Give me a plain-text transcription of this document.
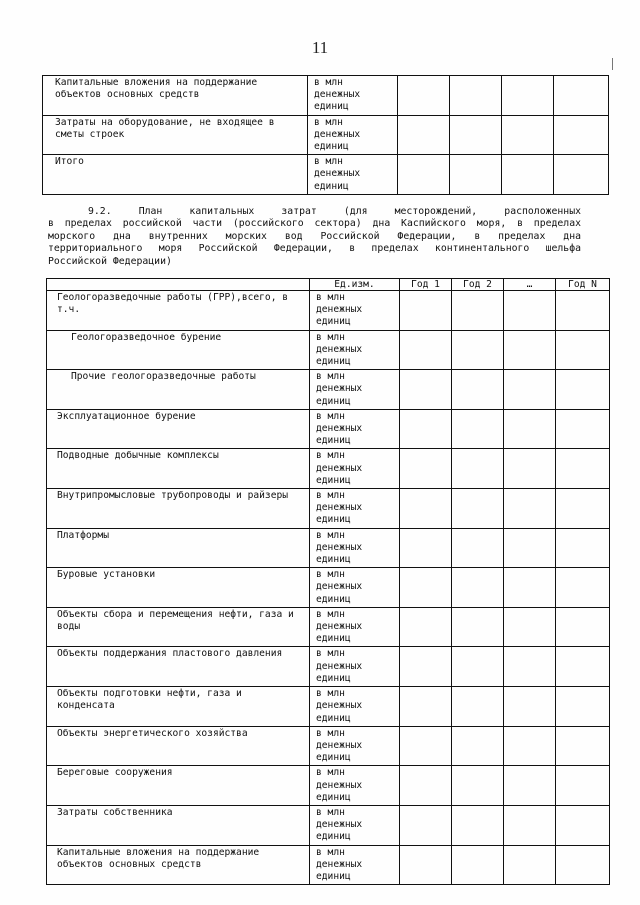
11
Капитальные вложения на поддержание объектов основных средств	в млн денежных единиц				
Затраты на оборудование, не входящее в сметы строек	в млн денежных единиц				
Итого	в млн денежных единиц				
9.2. План капитальных затрат (для месторождений, расположенных
в пределах российской части (российского сектора) дна Каспийского моря, в пределах
морского дна внутренних морских вод Российской Федерации, в пределах дна
территориального моря Российской Федерации, в пределах континентального шельфа
Российской Федерации)
	Ед.изм.	Год 1	Год 2	…	Год N
Геологоразведочные работы (ГРР),всего, в т.ч.	в млн денежных единиц				
Геологоразведочное бурение	в млн денежных единиц				
Прочие геологоразведочные работы	в млн денежных единиц				
Эксплуатационное бурение	в млн денежных единиц				
Подводные добычные комплексы	в млн денежных единиц				
Внутрипромысловые трубопроводы и райзеры	в млн денежных единиц				
Платформы	в млн денежных единиц				
Буровые установки	в млн денежных единиц				
Объекты сбора и перемещения нефти, газа и воды	в млн денежных единиц				
Объекты поддержания пластового давления	в млн денежных единиц				
Объекты подготовки нефти, газа и конденсата	в млн денежных единиц				
Объекты энергетического хозяйства	в млн денежных единиц				
Береговые сооружения	в млн денежных единиц				
Затраты собственника	в млн денежных единиц				
Капитальные вложения на поддержание объектов основных средств	в млн денежных единиц				
